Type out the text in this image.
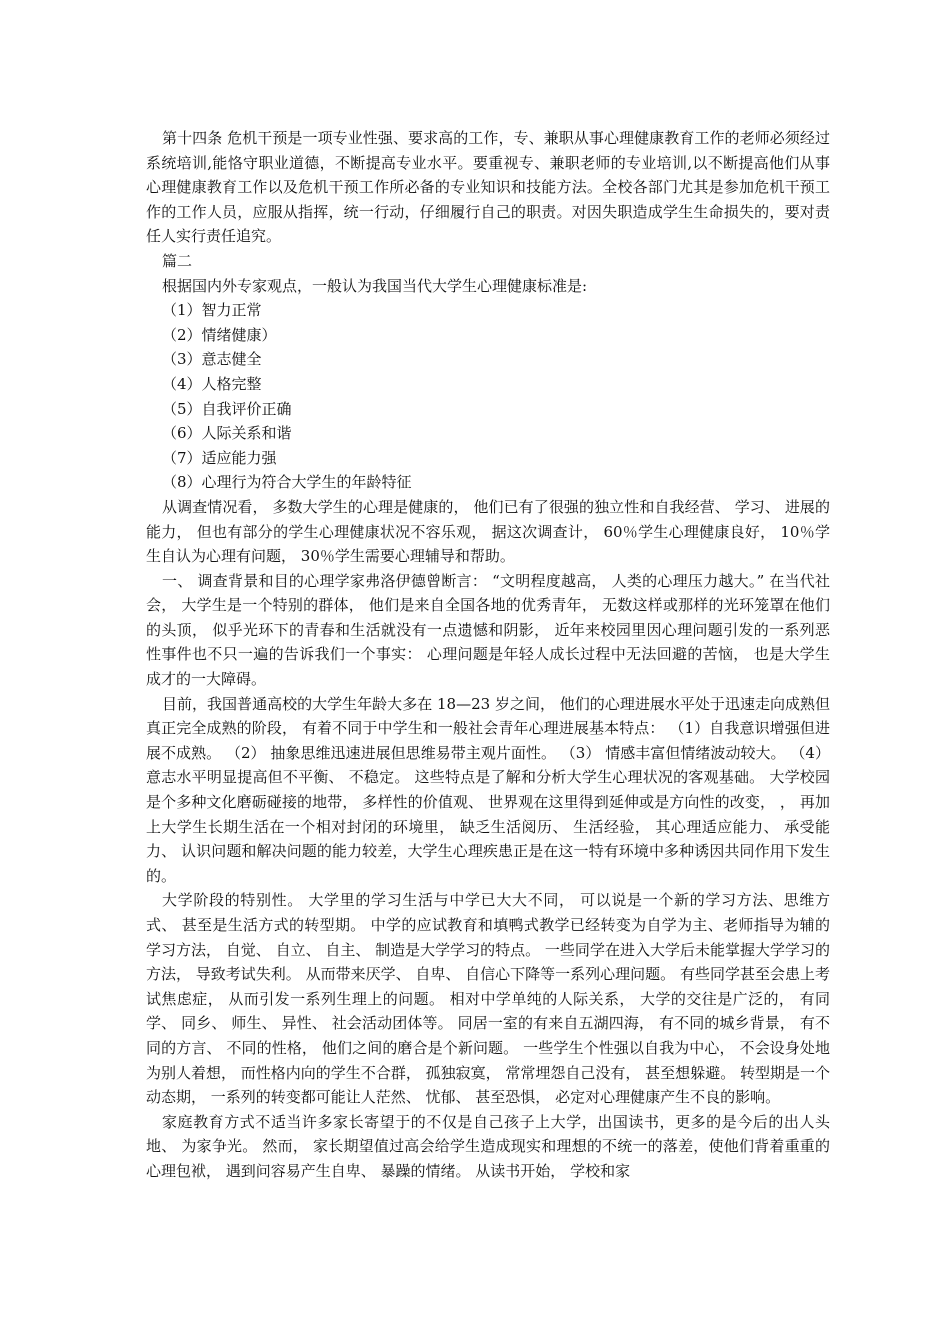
第十四条 危机干预是一项专业性强、要求高的工作，专、兼职从事心理健康教育工作的老师必须经过系统培训,能恪守职业道德，不断提高专业水平。要重视专、兼职老师的专业培训,以不断提高他们从事心理健康教育工作以及危机干预工作所必备的专业知识和技能方法。全校各部门尤其是参加危机干预工作的工作人员，应服从指挥，统一行动，仔细履行自己的职责。对因失职造成学生生命损失的，要对责任人实行责任追究。

篇二

根据国内外专家观点，一般认为我国当代大学生心理健康标准是:

（1）智力正常

（2）情绪健康）

（3）意志健全

（4）人格完整

（5）自我评价正确

（6）人际关系和谐

（7）适应能力强

（8）心理行为符合大学生的年龄特征

从调查情况看， 多数大学生的心理是健康的， 他们已有了很强的独立性和自我经营、 学习、 进展的能力， 但也有部分的学生心理健康状况不容乐观， 据这次调查计， 60％学生心理健康良好， 10％学生自认为心理有问题， 30％学生需要心理辅导和帮助。

一、 调查背景和目的心理学家弗洛伊德曾断言： “文明程度越高， 人类的心理压力越大。” 在当代社会， 大学生是一个特别的群体， 他们是来自全国各地的优秀青年， 无数这样或那样的光环笼罩在他们的头顶， 似乎光环下的青春和生活就没有一点遗憾和阴影， 近年来校园里因心理问题引发的一系列恶性事件也不只一遍的告诉我们一个事实： 心理问题是年轻人成长过程中无法回避的苦恼， 也是大学生成才的一大障碍。

目前，我国普通高校的大学生年龄大多在 18—23 岁之间， 他们的心理进展水平处于迅速走向成熟但真正完全成熟的阶段， 有着不同于中学生和一般社会青年心理进展基本特点： （1）自我意识增强但进展不成熟。 （2） 抽象思维迅速进展但思维易带主观片面性。 （3） 情感丰富但情绪波动较大。 （4） 意志水平明显提高但不平衡、 不稳定。 这些特点是了解和分析大学生心理状况的客观基础。 大学校园是个多种文化磨砺碰接的地带， 多样性的价值观、 世界观在这里得到延伸或是方向性的改变， ， 再加上大学生长期生活在一个相对封闭的环境里， 缺乏生活阅历、 生活经验， 其心理适应能力、 承受能力、 认识问题和解决问题的能力较差，大学生心理疾患正是在这一特有环境中多种诱因共同作用下发生的。

大学阶段的特别性。 大学里的学习生活与中学已大大不同， 可以说是一个新的学习方法、思维方式、 甚至是生活方式的转型期。 中学的应试教育和填鸭式教学已经转变为自学为主、老师指导为辅的学习方法， 自觉、 自立、 自主、 制造是大学学习的特点。 一些同学在进入大学后未能掌握大学学习的方法， 导致考试失利。 从而带来厌学、 自卑、 自信心下降等一系列心理问题。 有些同学甚至会患上考试焦虑症， 从而引发一系列生理上的问题。 相对中学单纯的人际关系， 大学的交往是广泛的， 有同学、 同乡、 师生、 异性、 社会活动团体等。 同居一室的有来自五湖四海， 有不同的城乡背景， 有不同的方言、 不同的性格， 他们之间的磨合是个新问题。 一些学生个性强以自我为中心， 不会设身处地为别人着想， 而性格内向的学生不合群， 孤独寂寞， 常常埋怨自己没有， 甚至想躲避。 转型期是一个动态期， 一系列的转变都可能让人茫然、 忧郁、 甚至恐惧， 必定对心理健康产生不良的影响。

家庭教育方式不适当许多家长寄望于的不仅是自己孩子上大学，出国读书，更多的是今后的出人头地、 为家争光。 然而， 家长期望值过高会给学生造成现实和理想的不统一的落差，使他们背着重重的心理包袱， 遇到问容易产生自卑、 暴躁的情绪。 从读书开始， 学校和家
